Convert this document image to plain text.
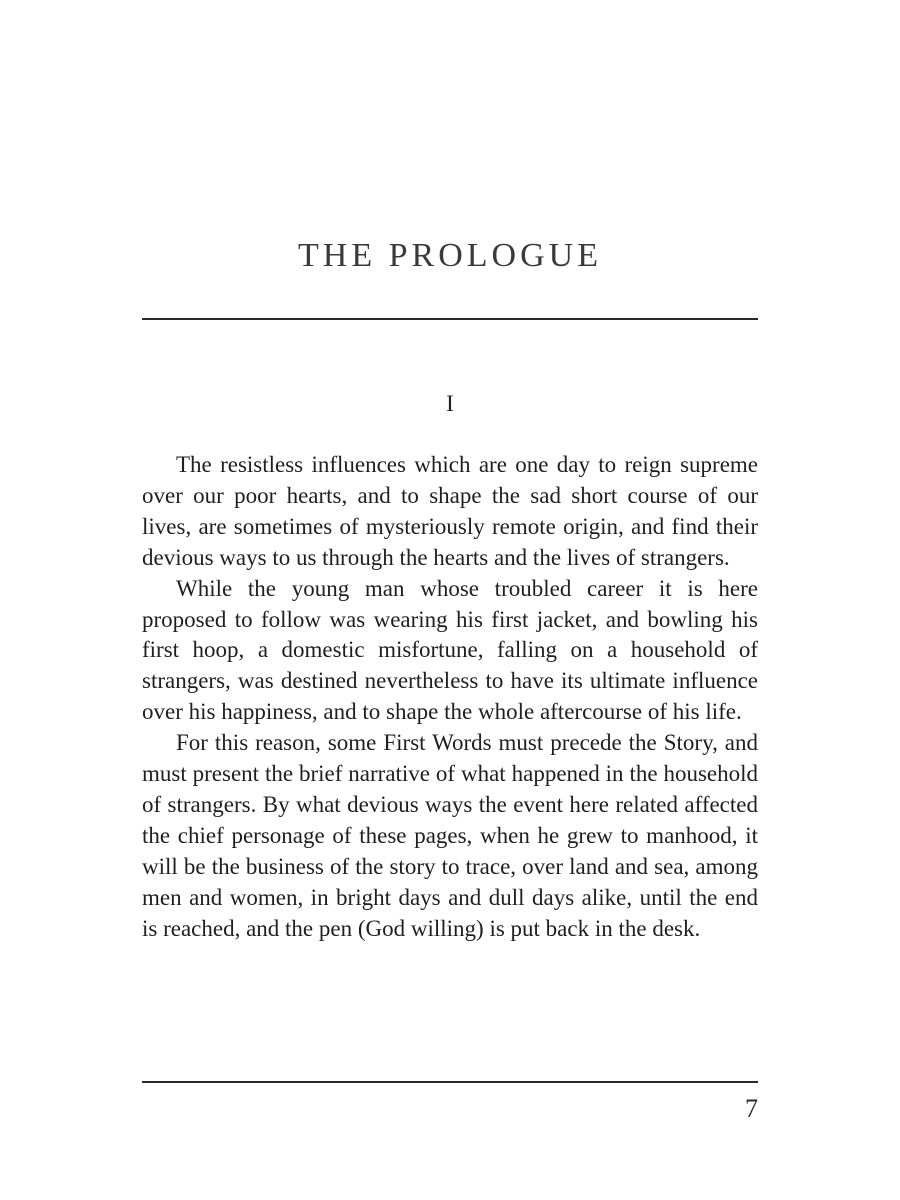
THE PROLOGUE

I

The resistless influences which are one day to reign supreme over our poor hearts, and to shape the sad short course of our lives, are sometimes of mysteriously remote origin, and find their devious ways to us through the hearts and the lives of strangers.

While the young man whose troubled career it is here proposed to follow was wearing his first jacket, and bowling his first hoop, a domestic misfortune, falling on a household of strangers, was destined nevertheless to have its ultimate influence over his happiness, and to shape the whole aftercourse of his life.

For this reason, some First Words must precede the Story, and must present the brief narrative of what happened in the household of strangers. By what devious ways the event here related affected the chief personage of these pages, when he grew to manhood, it will be the business of the story to trace, over land and sea, among men and women, in bright days and dull days alike, until the end is reached, and the pen (God willing) is put back in the desk.

7
